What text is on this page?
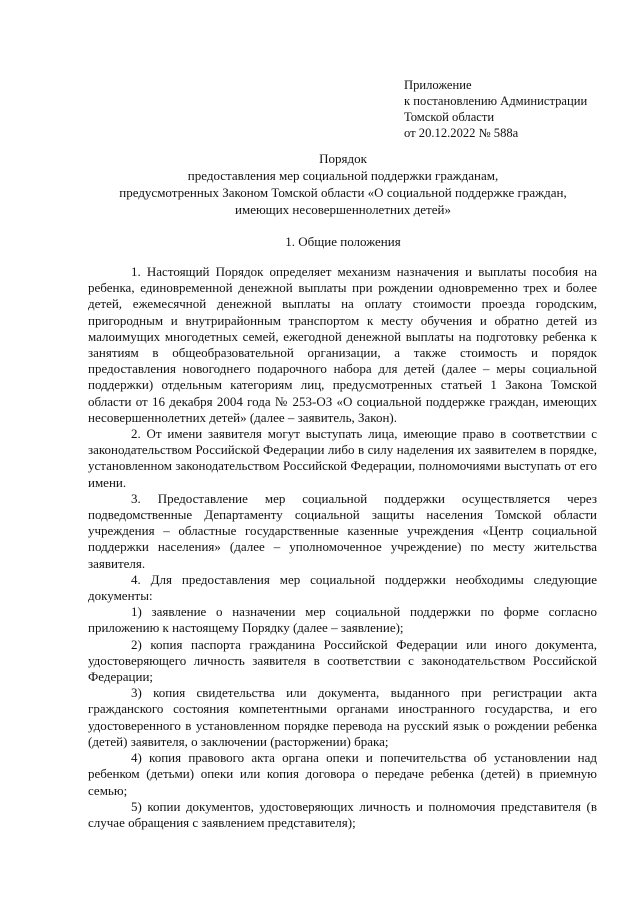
Приложение
к постановлению Администрации
Томской области
от 20.12.2022 № 588а
Порядок
предоставления мер социальной поддержки гражданам,
предусмотренных Законом Томской области «О социальной поддержке граждан,
имеющих несовершеннолетних детей»
1. Общие положения

1. Настоящий Порядок определяет механизм назначения и выплаты пособия на ребенка, единовременной денежной выплаты при рождении одновременно трех и более детей, ежемесячной денежной выплаты на оплату стоимости проезда городским, пригородным и внутрирайонным транспортом к месту обучения и обратно детей из малоимущих многодетных семей, ежегодной денежной выплаты на подготовку ребенка к занятиям в общеобразовательной организации, а также стоимость и порядок предоставления новогоднего подарочного набора для детей (далее – меры социальной поддержки) отдельным категориям лиц, предусмотренных статьей 1 Закона Томской области от 16 декабря 2004 года № 253-ОЗ «О социальной поддержке граждан, имеющих несовершеннолетних детей» (далее – заявитель, Закон).

2. От имени заявителя могут выступать лица, имеющие право в соответствии с законодательством Российской Федерации либо в силу наделения их заявителем в порядке, установленном законодательством Российской Федерации, полномочиями выступать от его имени.

3. Предоставление мер социальной поддержки осуществляется через подведомственные Департаменту социальной защиты населения Томской области учреждения – областные государственные казенные учреждения «Центр социальной поддержки населения» (далее – уполномоченное учреждение) по месту жительства заявителя.

4. Для предоставления мер социальной поддержки необходимы следующие документы:

1) заявление о назначении мер социальной поддержки по форме согласно приложению к настоящему Порядку (далее – заявление);

2) копия паспорта гражданина Российской Федерации или иного документа, удостоверяющего личность заявителя в соответствии с законодательством Российской Федерации;

3) копия свидетельства или документа, выданного при регистрации акта гражданского состояния компетентными органами иностранного государства, и его удостоверенного в установленном порядке перевода на русский язык о рождении ребенка (детей) заявителя, о заключении (расторжении) брака;

4) копия правового акта органа опеки и попечительства об установлении над ребенком (детьми) опеки или копия договора о передаче ребенка (детей) в приемную семью;

5) копии документов, удостоверяющих личность и полномочия представителя (в случае обращения с заявлением представителя);
